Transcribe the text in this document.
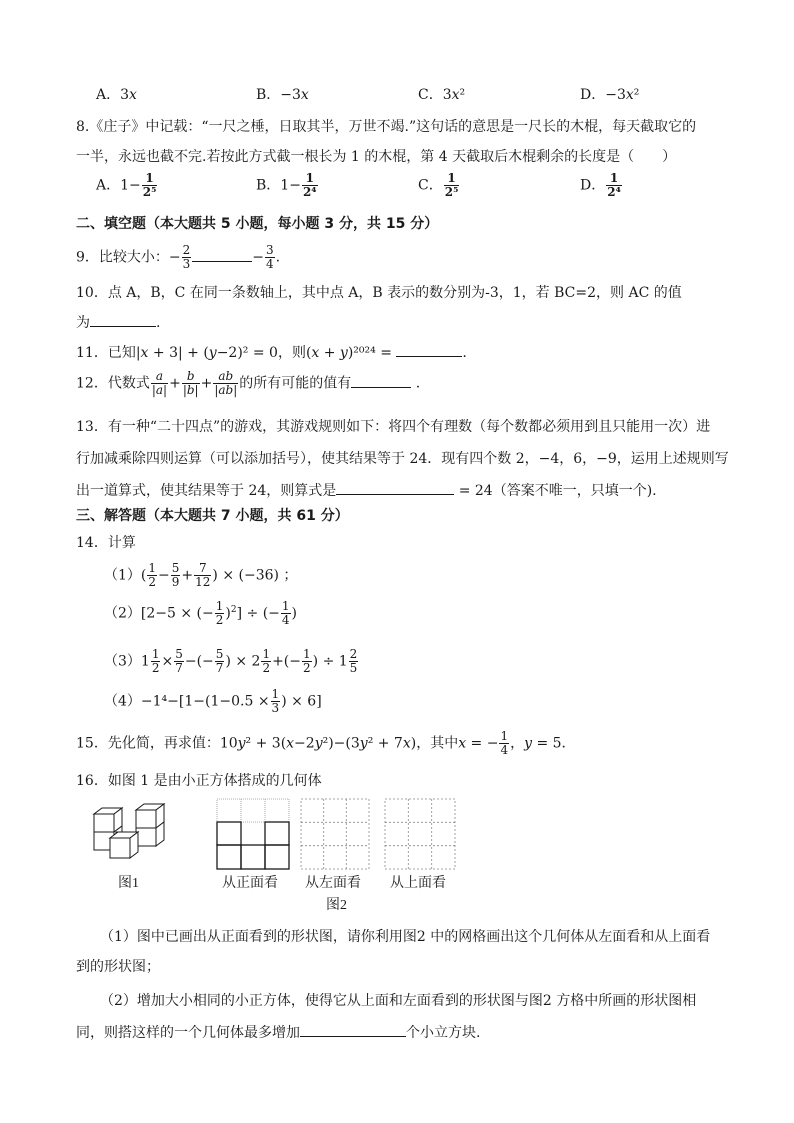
A．3𝑥	B．−3𝑥	C．3𝑥²	D．−3𝑥²
8.《庄子》中记载：“一尺之棰，日取其半，万世不竭.”这句话的意思是一尺长的木棍，每天截取它的
一半，永远也截不完.若按此方式截一根长为 1 的木棍，第 4 天截取后木棍剩余的长度是（　　）
A．$1- \frac{1}{\text{2⁵}}$	B．$1- \frac{1}{\text{2⁴}}$	C． $\frac{1}{\text{2⁵}}$	D． $\frac{1}{\text{2⁴}}$
二、填空题（本大题共 5 小题，每小题 3 分，共 15 分）
9．比较大小：− $\frac{2}{3}$	− $\frac{3}{4}$ .
10．点 A，B，C 在同一条数轴上，其中点 A，B 表示的数分别为-3，1，若 BC=2，则 AC 的值
为	.
11．已知|𝑥 + 3| + (𝑦−2)² = 0，则(𝑥 + 𝑦)²⁰²⁴ =	.
12．代数式 $\frac{a}{|a|} + \frac{b}{|b|} + \frac{ab}{|ab|}$ 的所有可能的值有	.
13．有一种“二十四点”的游戏，其游戏规则如下：将四个有理数（每个数都必须用到且只能用一次）进
行加减乘除四则运算（可以添加括号），使其结果等于 24．现有四个数 2，−4，6，−9，运用上述规则写
出一道算式，使其结果等于 24，则算式是	= 24（答案不唯一，只填一个).
三、解答题（本大题共 7 小题，共 61 分）
14．计算
$(1)( \frac{1}{2} - \frac{5}{9} + \frac{7}{12}$ ) × (−36) ；
（2）[2−5 × (− $\frac{1}{2} )^2$] ÷ (− $\frac{1}{4}$ )
$(3)1 \frac{1}{2} \times \frac{5}{7}$ −(− $\frac{5}{7}$ ) × $2 \frac{1}{2}$ +(− $\frac{1}{2}$ ) ÷ $1 \frac{2}{5}$
$(4)-1^4-[1-(1-0.5 \times \frac{1}{3}$ ) × 6]
15．先化简，再求值：10𝑦² + 3(𝑥−2𝑦²)−(3𝑦² + 7𝑥)，其中𝑥 = − $\frac{1}{4}$ ，𝑦 = 5．
16．如图 1 是由小正方体搭成的几何体
图1	从正面看 从左面看 从上面看
图2
（1）图中已画出从正面看到的形状图，请你利用图2 中的网格画出这个几何体从左面看和从上面看
到的形状图；
（2）增加大小相同的小正方体，使得它从上面和左面看到的形状图与图2 方格中所画的形状图相
同，则搭这样的一个几何体最多增加	个小立方块.
